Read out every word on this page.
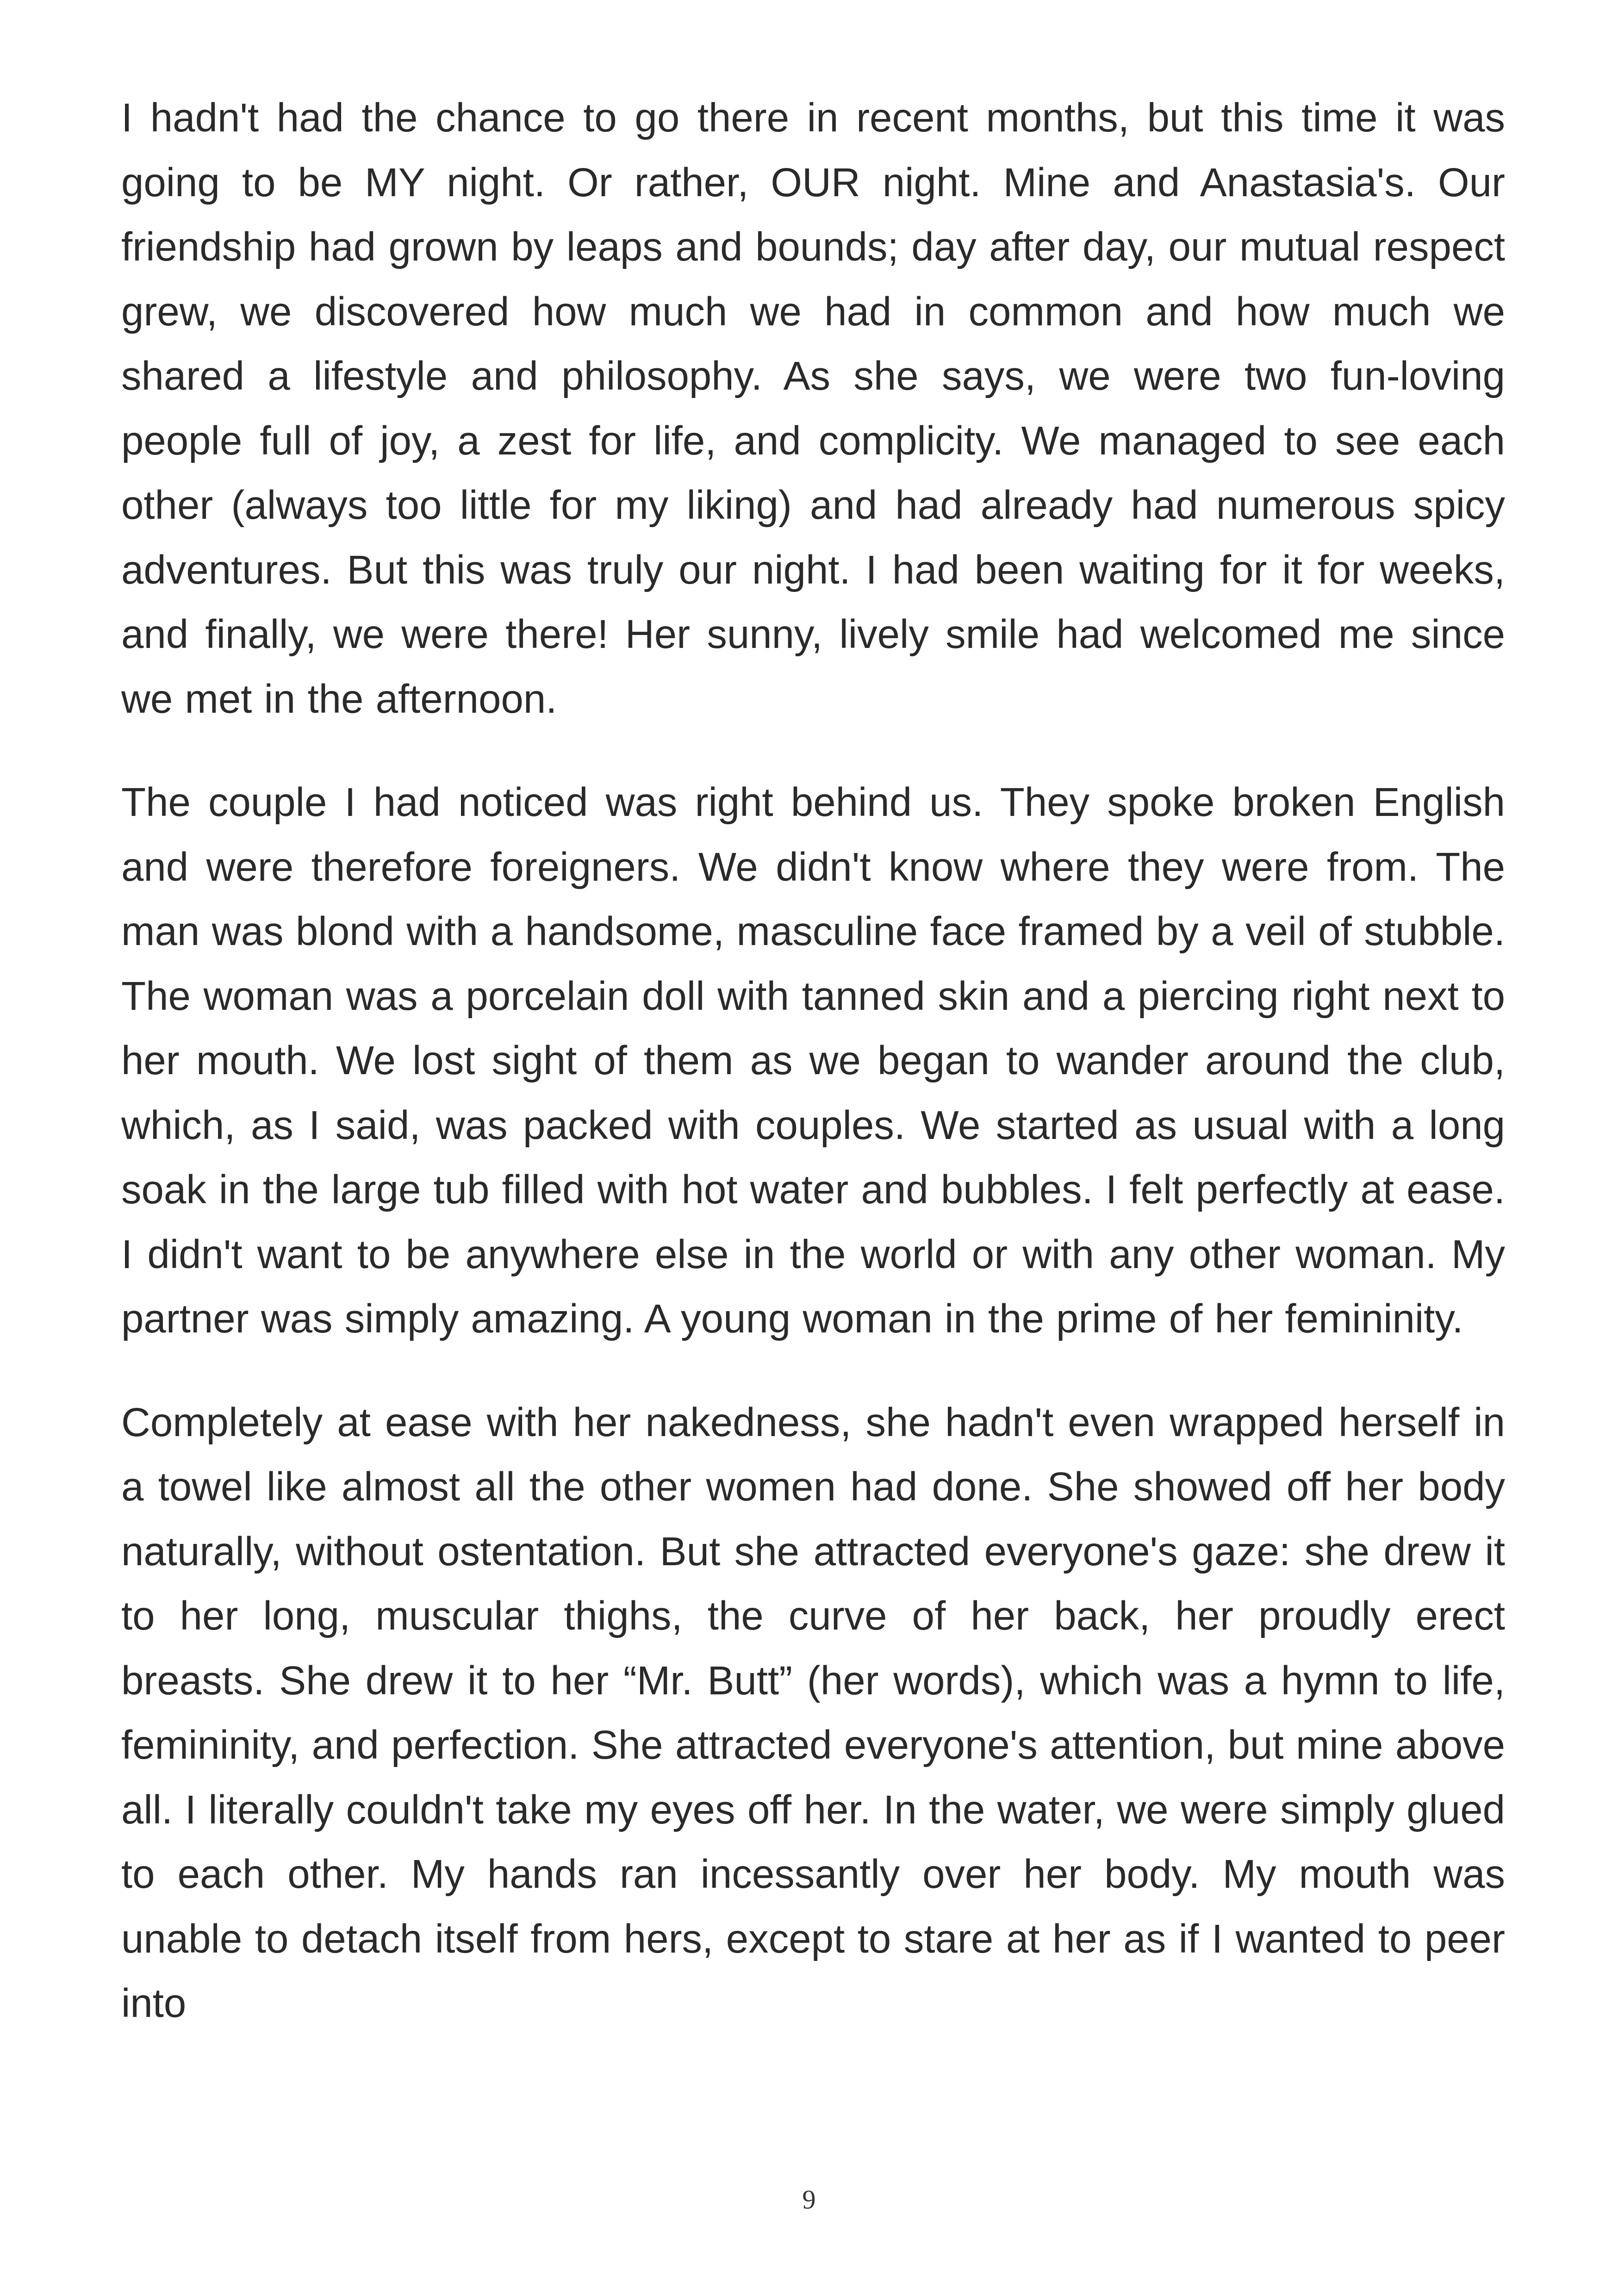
I hadn't had the chance to go there in recent months, but this time it was going to be MY night. Or rather, OUR night. Mine and Anastasia's. Our friendship had grown by leaps and bounds; day after day, our mutual respect grew, we discovered how much we had in common and how much we shared a lifestyle and philosophy. As she says, we were two fun-loving people full of joy, a zest for life, and complicity. We managed to see each other (always too little for my liking) and had already had numerous spicy adventures. But this was truly our night. I had been waiting for it for weeks, and finally, we were there! Her sunny, lively smile had welcomed me since we met in the afternoon.

The couple I had noticed was right behind us. They spoke broken English and were therefore foreigners. We didn't know where they were from. The man was blond with a handsome, masculine face framed by a veil of stubble. The woman was a porcelain doll with tanned skin and a piercing right next to her mouth. We lost sight of them as we began to wander around the club, which, as I said, was packed with couples. We started as usual with a long soak in the large tub filled with hot water and bubbles. I felt perfectly at ease. I didn't want to be anywhere else in the world or with any other woman. My partner was simply amazing. A young woman in the prime of her femininity.

Completely at ease with her nakedness, she hadn't even wrapped herself in a towel like almost all the other women had done. She showed off her body naturally, without ostentation. But she attracted everyone's gaze: she drew it to her long, muscular thighs, the curve of her back, her proudly erect breasts. She drew it to her “Mr. Butt” (her words), which was a hymn to life, femininity, and perfection. She attracted everyone's attention, but mine above all. I literally couldn't take my eyes off her. In the water, we were simply glued to each other. My hands ran incessantly over her body. My mouth was unable to detach itself from hers, except to stare at her as if I wanted to peer into

9
